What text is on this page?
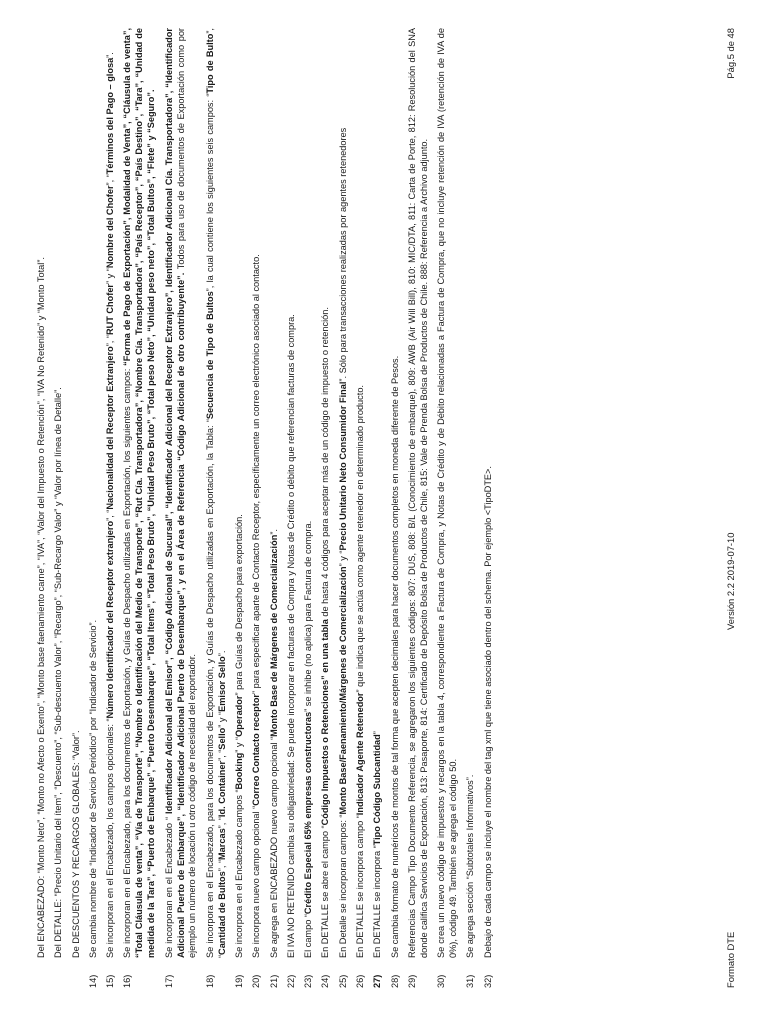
Del ENCABEZADO: “Monto Neto”, “Monto no Afecto o Exento”, “Monto base faenamiento carne”, “IVA”, “Valor del Impuesto o Retención”, “IVA No Retenido” y “Monto Total”. Del DETALLE: “Precio Unitario del ítem”, “Descuento”, “Sub-descuento Valor”, “Recargo”, “Sub-Recargo Valor” y “Valor por línea de Detalle”. De DESCUENTOS Y RECARGOS GLOBALES: “Valor”.

14)
Se cambia nombre de “Indicador de Servicio Periódico” por “Indicador de Servicio”.
15)
Se incorporan en el Encabezado, los campos opcionales: “Número Identificador del Receptor extranjero”, “Nacionalidad del Receptor Extranjero”, “RUT Chofer” y “Nombre del Chofer”, “Términos del Pago – glosa”.
16)
Se incorporan en el Encabezado, para los documentos de Exportación, y Guías de Despacho utilizadas en Exportación, los siguientes campos: “Forma de Pago de Exportación”, Modalidad de Venta”, “Cláusula de venta”, “Total Cláusula de venta”, “Vía de Transporte”, “Nombre o Identificación del Medio de Transporte”, “Rut Cía. Transportadora”, “Nombre Cía. Transportadora”, “País Receptor”, “País Destino”, “Tara”, “Unidad de medida de la Tara”, “Puerto de Embarque”, “Puerto Desembarque”, “Total Items”, “Total Peso Bruto”, “Unidad Peso Bruto”, “Total peso Neto”, “Unidad peso neto”, “Total Bultos”, “Flete” y “Seguro”.
17)
Se incorporan en el Encabezado “ Identificador Adicional del Emisor”, “Código Adicional de Sucursal”, “Identificador Adicional del Receptor Extranjero”, Identificador Adicional Cía. Transportadora”, “Identificador Adicional Puerto de Embarque”, “Identificador Adicional Puerto de Desembarque”, y en el Área de Referencia “Código Adicional de otro contribuyente”. Todos para uso de documentos de Exportación como por ejemplo un número de locación u otro código de necesidad del exportador.
18)
Se incorpora en el Encabezado, para los documentos de Exportación, y Guías de Despacho utilizadas en Exportación, la Tabla: “Secuencia de Tipo de Bultos”, la cual contiene los siguientes seis campos: “Tipo de Bulto”, “Cantidad de Bultos”, “Marcas”, “Id. Container”, “Sello” y “Emisor Sello”.
19)
Se incorpora en el Encabezado campos “Booking” y “Operador” para Guías de Despacho para exportación.
20)
Se incorpora nuevo campo opcional “Correo Contacto receptor” para especificar aparte de Contacto Receptor, específicamente un correo electrónico asociado al contacto.
21)
Se agrega en ENCABEZADO nuevo campo opcional “Monto Base de Márgenes de Comercialización”.
22)
El IVA NO RETENIDO cambia su obligatoriedad: Se puede incorporar en facturas de Compra y Notas de Crédito o débito que referencian facturas de compra.
23)
El campo “Crédito Especial 65% empresas constructoras” se inhibe (no aplica) para Factura de compra.
24)
En DETALLE se abre el campo “Código Impuestos o Retenciones” en una tabla de hasta 4 códigos para aceptar más de un código de impuesto o retención.
25)
En Detalle se incorporan campos: “Monto Base/Faenamiento/Márgenes de Comercialización” y “Precio Unitario Neto Consumidor Final”. Sólo para transacciones realizadas por agentes retenedores
26)
En DETALLE se incorpora campo “Indicador Agente Retenedor” que indica que se actúa como agente retenedor en determinado producto.
27)
En DETALLE se incorpora “Tipo Código Subcantidad”
28)
Se cambia formato de numéricos de montos de tal forma que acepten decimales para hacer documentos completos en moneda diferente de Pesos.
29)
Referencias Campo Tipo Documento Referencia, se agregaron los siguientes códigos: 807: DUS, 808: B/L (Conocimiento de embarque), 809: AWB (Air Will Bill), 810: MIC/DTA, 811: Carta de Porte, 812: Resolución del SNA donde califica Servicios de Exportación, 813: Pasaporte, 814: Certificado de Depósito Bolsa de Productos de Chile, 815: Vale de Prenda Bolsa de Productos de Chile. 888: Referencia a Archivo adjunto.
30)
Se crea un nuevo código de impuestos y recargos en la tabla 4, correspondiente a Factura de Compra, y Notas de Crédito y de Débito relacionadas a Factura de Compra, que no incluye retención de IVA (retención de IVA de 0%), código 49. También se agrega el código 50.
31)
Se agrega sección “Subtotales Informativos”.
32)
Debajo de cada campo se incluye el nombre del tag xml que tiene asociado dentro del schema. Por ejemplo <TipoDTE>.
Formato DTE
Versión 2.2 2019-07-10
Pág.5 de 48
